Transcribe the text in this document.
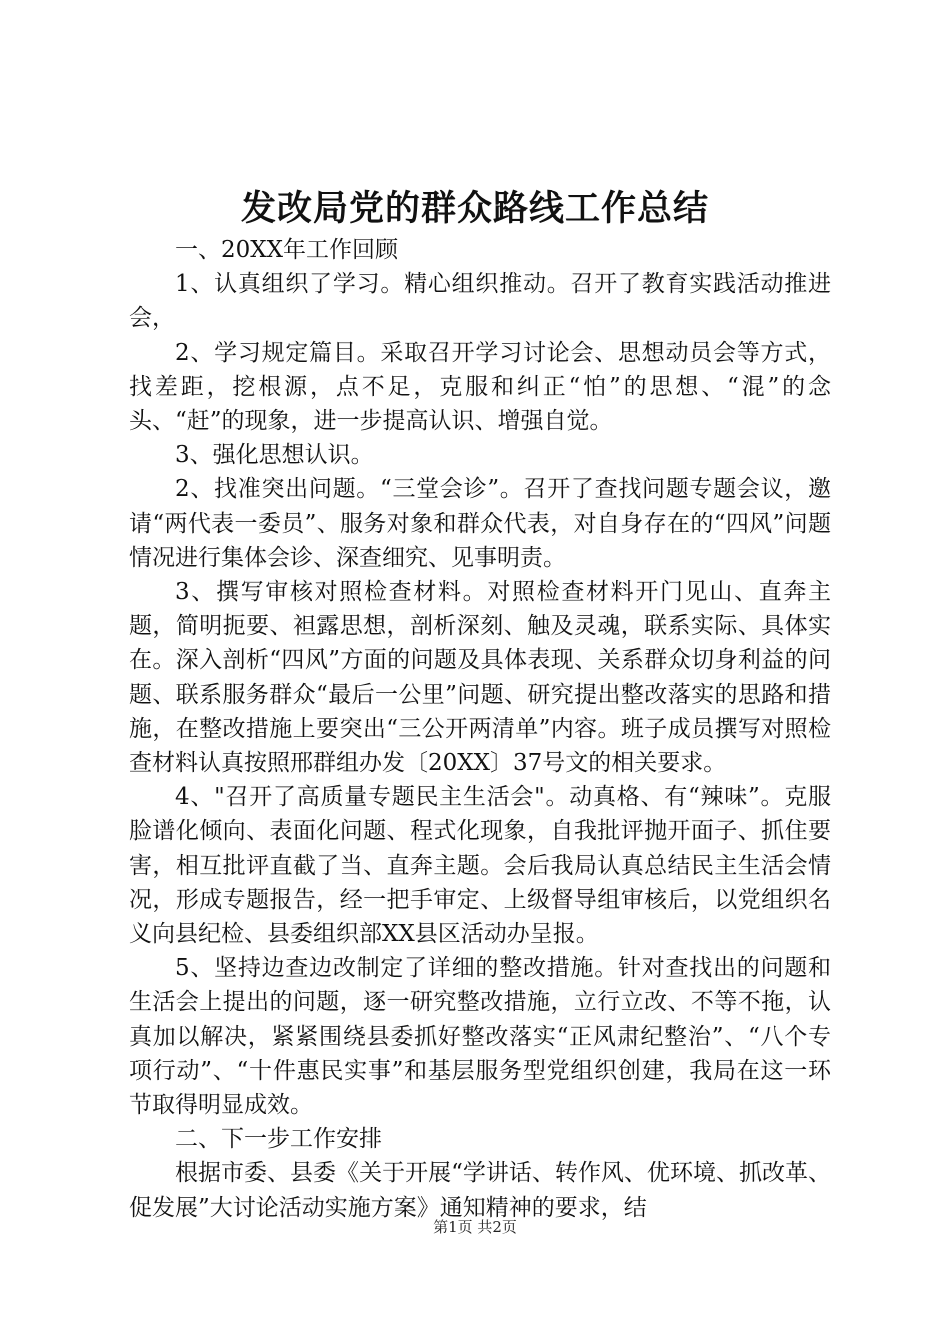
发改局党的群众路线工作总结

一、20XX年工作回顾

1、认真组织了学习。精心组织推动。召开了教育实践活动推进会，

2、学习规定篇目。采取召开学习讨论会、思想动员会等方式，找差距，挖根源，点不足，克服和纠正“怕”的思想、“混”的念头、“赶”的现象，进一步提高认识、增强自觉。

3、强化思想认识。

2、找准突出问题。“三堂会诊”。召开了查找问题专题会议，邀请“两代表一委员”、服务对象和群众代表，对自身存在的“四风”问题情况进行集体会诊、深查细究、见事明责。

3、撰写审核对照检查材料。对照检查材料开门见山、直奔主题，简明扼要、袒露思想，剖析深刻、触及灵魂，联系实际、具体实在。深入剖析“四风”方面的问题及具体表现、关系群众切身利益的问题、联系服务群众“最后一公里”问题、研究提出整改落实的思路和措施，在整改措施上要突出“三公开两清单”内容。班子成员撰写对照检查材料认真按照邢群组办发〔20XX〕37号文的相关要求。

4、"召开了高质量专题民主生活会"。动真格、有“辣味”。克服脸谱化倾向、表面化问题、程式化现象，自我批评抛开面子、抓住要害，相互批评直截了当、直奔主题。会后我局认真总结民主生活会情况，形成专题报告，经一把手审定、上级督导组审核后，以党组织名义向县纪检、县委组织部XX县区活动办呈报。

5、坚持边查边改制定了详细的整改措施。针对查找出的问题和生活会上提出的问题，逐一研究整改措施，立行立改、不等不拖，认真加以解决，紧紧围绕县委抓好整改落实“正风肃纪整治”、“八个专项行动”、“十件惠民实事”和基层服务型党组织创建，我局在这一环节取得明显成效。

二、下一步工作安排

根据市委、县委《关于开展“学讲话、转作风、优环境、抓改革、促发展”大讨论活动实施方案》通知精神的要求，结

第1页 共2页
